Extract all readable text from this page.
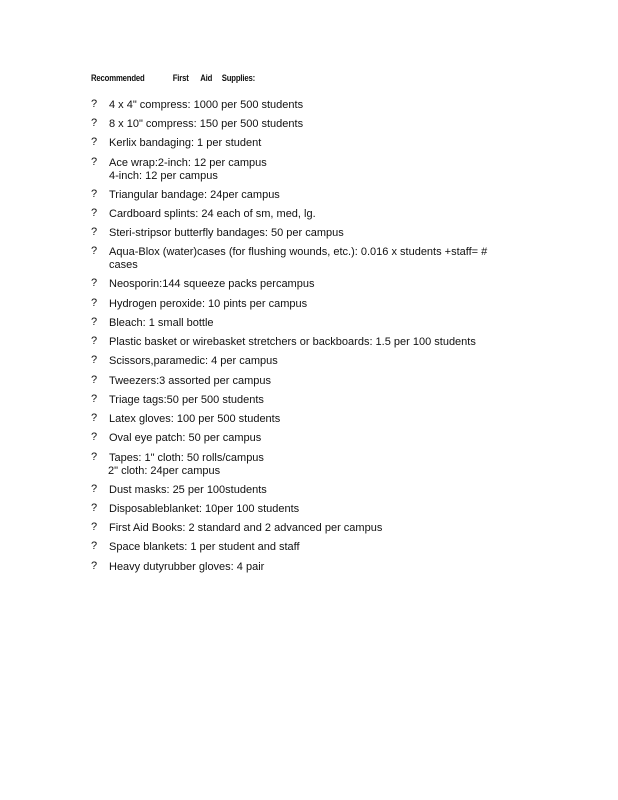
Recommended	First	Aid	Supplies:
? 4 x 4" compress: 1000 per 500 students
? 8 x 10" compress: 150 per 500 students
? Kerlix bandaging: 1 per student
? Ace wrap:2-inch: 12 per campus
4-inch: 12 per campus
? Triangular bandage: 24per campus
? Cardboard splints: 24 each of sm, med, lg.
? Steri-stripsor butterfly bandages: 50 per campus
? Aqua-Blox (water)cases (for flushing wounds, etc.): 0.016 x students +staff= #
cases
? Neosporin:144 squeeze packs percampus
? Hydrogen peroxide: 10 pints per campus
? Bleach: 1 small bottle
? Plastic basket or wirebasket stretchers or backboards: 1.5 per 100 students
? Scissors,paramedic: 4 per campus
? Tweezers:3 assorted per campus
? Triage tags:50 per 500 students
? Latex gloves: 100 per 500 students
? Oval eye patch: 50 per campus
? Tapes: 1" cloth: 50 rolls/campus
2" cloth: 24per campus
? Dust masks: 25 per 100students
? Disposableblanket: 10per 100 students
? First Aid Books: 2 standard and 2 advanced per campus
? Space blankets: 1 per student and staff
? Heavy dutyrubber gloves: 4 pair
